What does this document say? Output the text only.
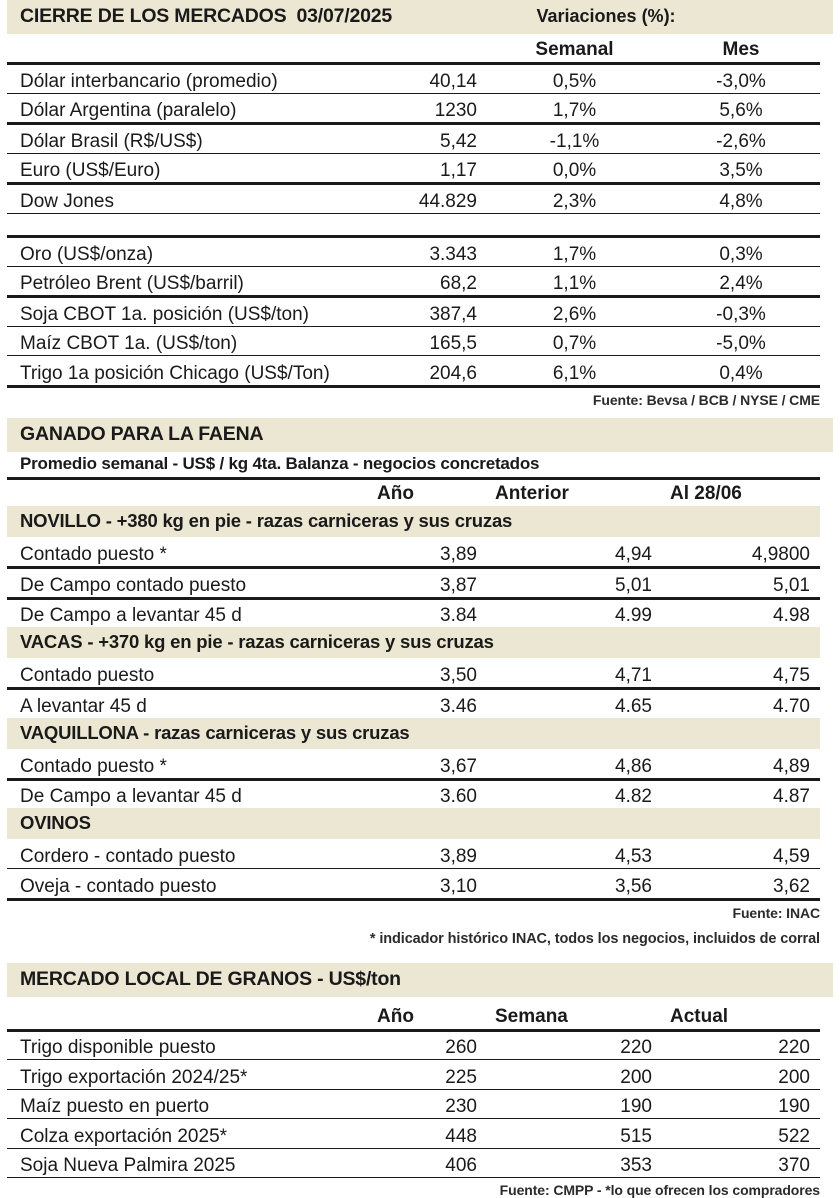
CIERRE DE LOS MERCADOS 03/07/2025	Variaciones (%):
		Semanal	Mes

Dólar interbancario (promedio)	40,14	0,5%	-3,0%

Dólar Argentina (paralelo)	1230	1,7%	5,6%

Dólar Brasil (R$/US$)	5,42	-1,1%	-2,6%

Euro (US$/Euro)	1,17	0,0%	3,5%

Dow Jones	44.829	2,3%	4,8%

Oro (US$/onza)	3.343	1,7%	0,3%

Petróleo Brent (US$/barril)	68,2	1,1%	2,4%

Soja CBOT 1a. posición (US$/ton)	387,4	2,6%	-0,3%

Maíz CBOT 1a. (US$/ton)	165,5	0,7%	-5,0%

Trigo 1a posición Chicago (US$/Ton)	204,6	6,1%	0,4%

Fuente: Bevsa / BCB / NYSE / CME
GANADO PARA LA FAENA
Promedio semanal - US$ / kg 4ta. Balanza - negocios concretados

	Año	Anterior	Al 28/06
NOVILLO - +380 kg en pie - razas carniceras y sus cruzas			
Contado puesto *	3,89	4,94	4,9800

De Campo contado puesto	3,87	5,01	5,01

De Campo a levantar 45 d	3.84	4.99	4.98
VACAS - +370 kg en pie - razas carniceras y sus cruzas			
Contado puesto	3,50	4,71	4,75

A levantar 45 d	3.46	4.65	4.70
VAQUILLONA - razas carniceras y sus cruzas			
Contado puesto *	3,67	4,86	4,89

De Campo a levantar 45 d	3.60	4.82	4.87
OVINOS			
Cordero - contado puesto	3,89	4,53	4,59

Oveja - contado puesto	3,10	3,56	3,62

Fuente: INAC
* indicador histórico INAC, todos los negocios, incluidos de corral
MERCADO LOCAL DE GRANOS - US$/ton
	Año	Semana	Actual

Trigo disponible puesto	260	220	220

Trigo exportación 2024/25*	225	200	200

Maíz puesto en puerto	230	190	190

Colza exportación 2025*	448	515	522

Soja Nueva Palmira 2025	406	353	370

Fuente: CMPP - *lo que ofrecen los compradores
